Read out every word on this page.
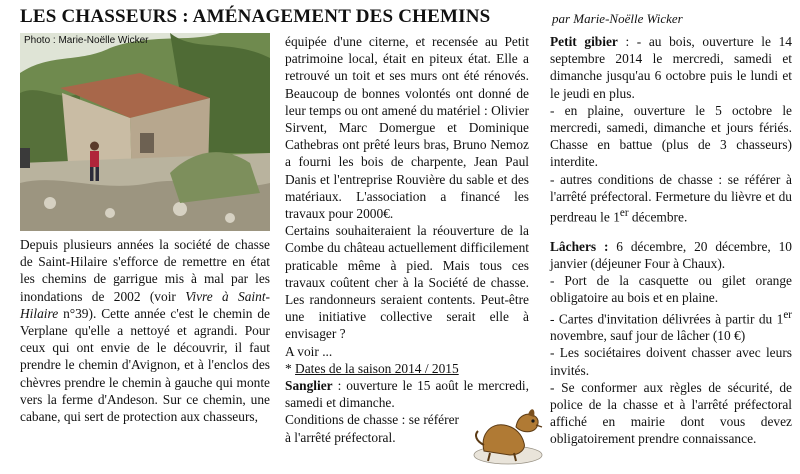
LES CHASSEURS : AMÉNAGEMENT DES CHEMINS	par Marie-Noëlle Wicker
Photo : Marie-Noëlle Wicker

Depuis plusieurs années la société de chasse de Saint-Hilaire s'efforce de remettre en état les chemins de garrigue mis à mal par les inondations de 2002 (voir Vivre à Saint-Hilaire n°39). Cette année c'est le chemin de Verplane qu'elle a nettoyé et agrandi. Pour ceux qui ont envie de le découvrir, il faut prendre le chemin d'Avignon, et à l'enclos des chèvres prendre le chemin à gauche qui monte vers la ferme d'Andeson. Sur ce chemin, une cabane, qui sert de protection aux chasseurs,

équipée d'une citerne, et recensée au Petit patrimoine local, était en piteux état. Elle a retrouvé un toit et ses murs ont été rénovés. Beaucoup de bonnes volontés ont donné de leur temps ou ont amené du matériel : Olivier Sirvent, Marc Domergue et Dominique Cathebras ont prêté leurs bras, Bruno Nemoz a fourni les bois de charpente, Jean Paul Danis et l'entreprise Rouvière du sable et des matériaux. L'association a financé les travaux pour 2000€.

Certains souhaiteraient la réouverture de la Combe du château actuellement difficilement praticable même à pied. Mais tous ces travaux coûtent cher à la Société de chasse. Les randonneurs seraient contents. Peut-être une initiative collective serait elle à envisager ?

A voir ...

* Dates de la saison 2014 / 2015

Sanglier : ouverture le 15 août le mercredi, samedi et dimanche.

Conditions de chasse : se référer à l'arrêté préfectoral.

Petit gibier : - au bois, ouverture le 14 septembre 2014 le mercredi, samedi et dimanche jusqu'au 6 octobre puis le lundi et le jeudi en plus.

- en plaine, ouverture le 5 octobre le mercredi, samedi, dimanche et jours fériés. Chasse en battue (plus de 3 chasseurs) interdite.

- autres conditions de chasse : se référer à l'arrêté préfectoral. Fermeture du lièvre et du perdreau le 1er décembre.

Lâchers : 6 décembre, 20 décembre, 10 janvier (déjeuner Four à Chaux).

- Port de la casquette ou gilet orange obligatoire au bois et en plaine.

- Cartes d'invitation délivrées à partir du 1er novembre, sauf jour de lâcher (10 €)

- Les sociétaires doivent chasser avec leurs invités.

- Se conformer aux règles de sécurité, de police de la chasse et à l'arrêté préfectoral affiché en mairie dont vous devez obligatoirement prendre connaissance.
